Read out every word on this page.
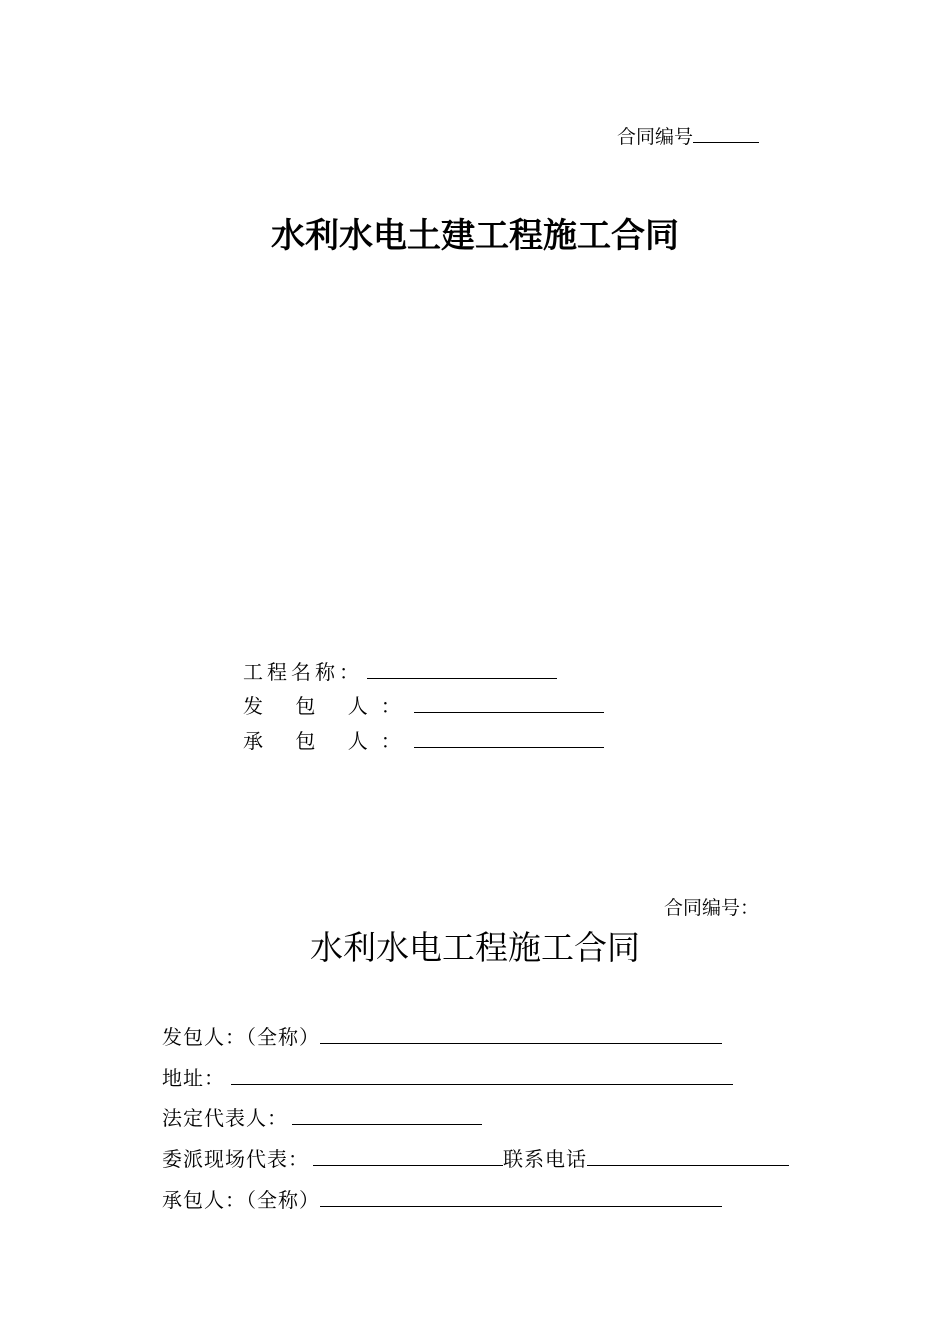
合同编号
水利水电土建工程施工合同
工程名称：
发 包 人：
承 包 人：
合同编号：
水利水电工程施工合同
发包人：（全称）
地址：
法定代表人：
委派现场代表：	联系电话
承包人：（全称）
